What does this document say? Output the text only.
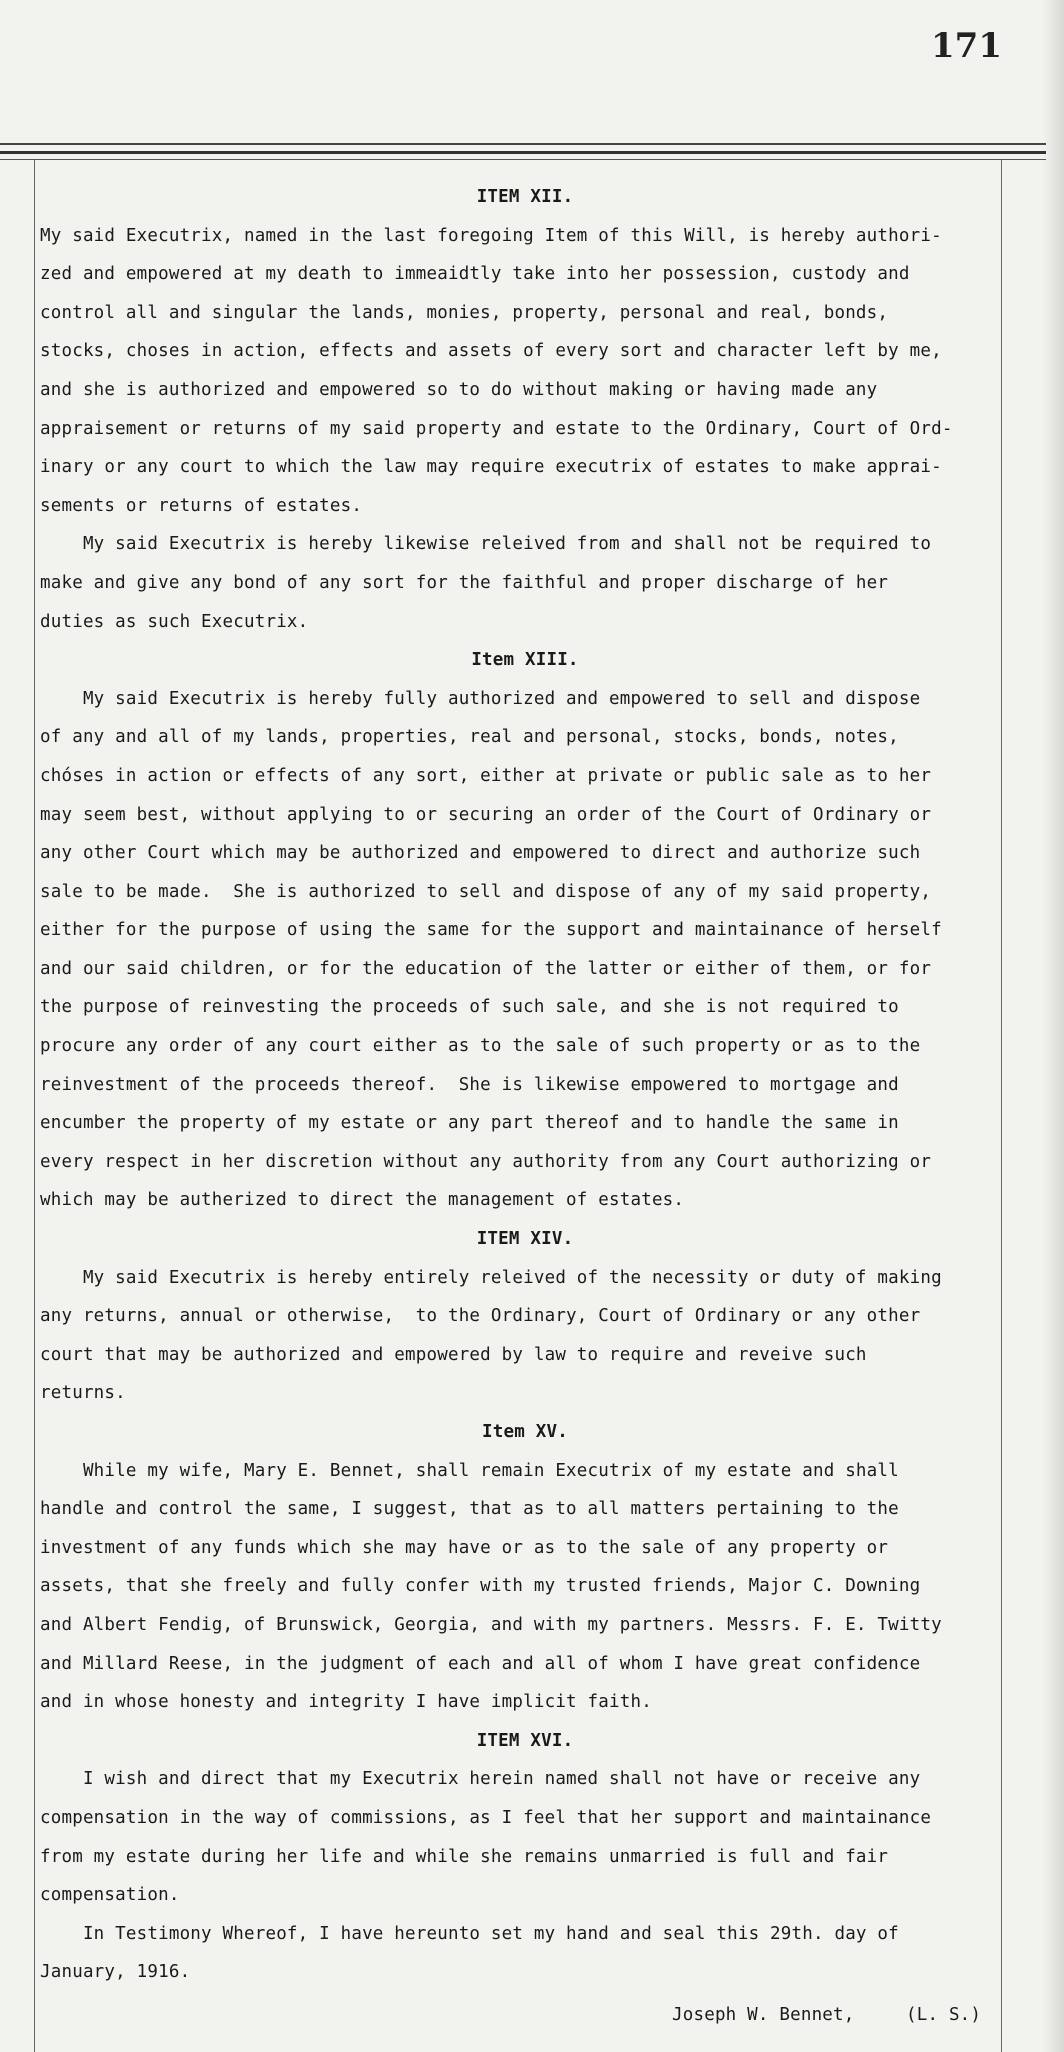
171
ITEM XII.
My said Executrix, named in the last foregoing Item of this Will, is hereby authori-
zed and empowered at my death to immeaidtly take into her possession, custody and
control all and singular the lands, monies, property, personal and real, bonds,
stocks, choses in action, effects and assets of every sort and character left by me,
and she is authorized and empowered so to do without making or having made any
appraisement or returns of my said property and estate to the Ordinary, Court of Ord-
inary or any court to which the law may require executrix of estates to make apprai-
sements or returns of estates.
My said Executrix is hereby likewise releived from and shall not be required to
make and give any bond of any sort for the faithful and proper discharge of her
duties as such Executrix.
Item XIII.
My said Executrix is hereby fully authorized and empowered to sell and dispose
of any and all of my lands, properties, real and personal, stocks, bonds, notes,
chóses in action or effects of any sort, either at private or public sale as to her
may seem best, without applying to or securing an order of the Court of Ordinary or
any other Court which may be authorized and empowered to direct and authorize such
sale to be made.  She is authorized to sell and dispose of any of my said property,
either for the purpose of using the same for the support and maintainance of herself
and our said children, or for the education of the latter or either of them, or for
the purpose of reinvesting the proceeds of such sale, and she is not required to
procure any order of any court either as to the sale of such property or as to the
reinvestment of the proceeds thereof.  She is likewise empowered to mortgage and
encumber the property of my estate or any part thereof and to handle the same in
every respect in her discretion without any authority from any Court authorizing or
which may be autherized to direct the management of estates.
ITEM XIV.
My said Executrix is hereby entirely releived of the necessity or duty of making
any returns, annual or otherwise,  to the Ordinary, Court of Ordinary or any other
court that may be authorized and empowered by law to require and reveive such
returns.
Item XV.
While my wife, Mary E. Bennet, shall remain Executrix of my estate and shall
handle and control the same, I suggest, that as to all matters pertaining to the
investment of any funds which she may have or as to the sale of any property or
assets, that she freely and fully confer with my trusted friends, Major C. Downing
and Albert Fendig, of Brunswick, Georgia, and with my partners. Messrs. F. E. Twitty
and Millard Reese, in the judgment of each and all of whom I have great confidence
and in whose honesty and integrity I have implicit faith.
ITEM XVI.
I wish and direct that my Executrix herein named shall not have or receive any
compensation in the way of commissions, as I feel that her support and maintainance
from my estate during her life and while she remains unmarried is full and fair
compensation.
In Testimony Whereof, I have hereunto set my hand and seal this 29th. day of
January, 1916.
Joseph W. Bennet,	(L. S.)
